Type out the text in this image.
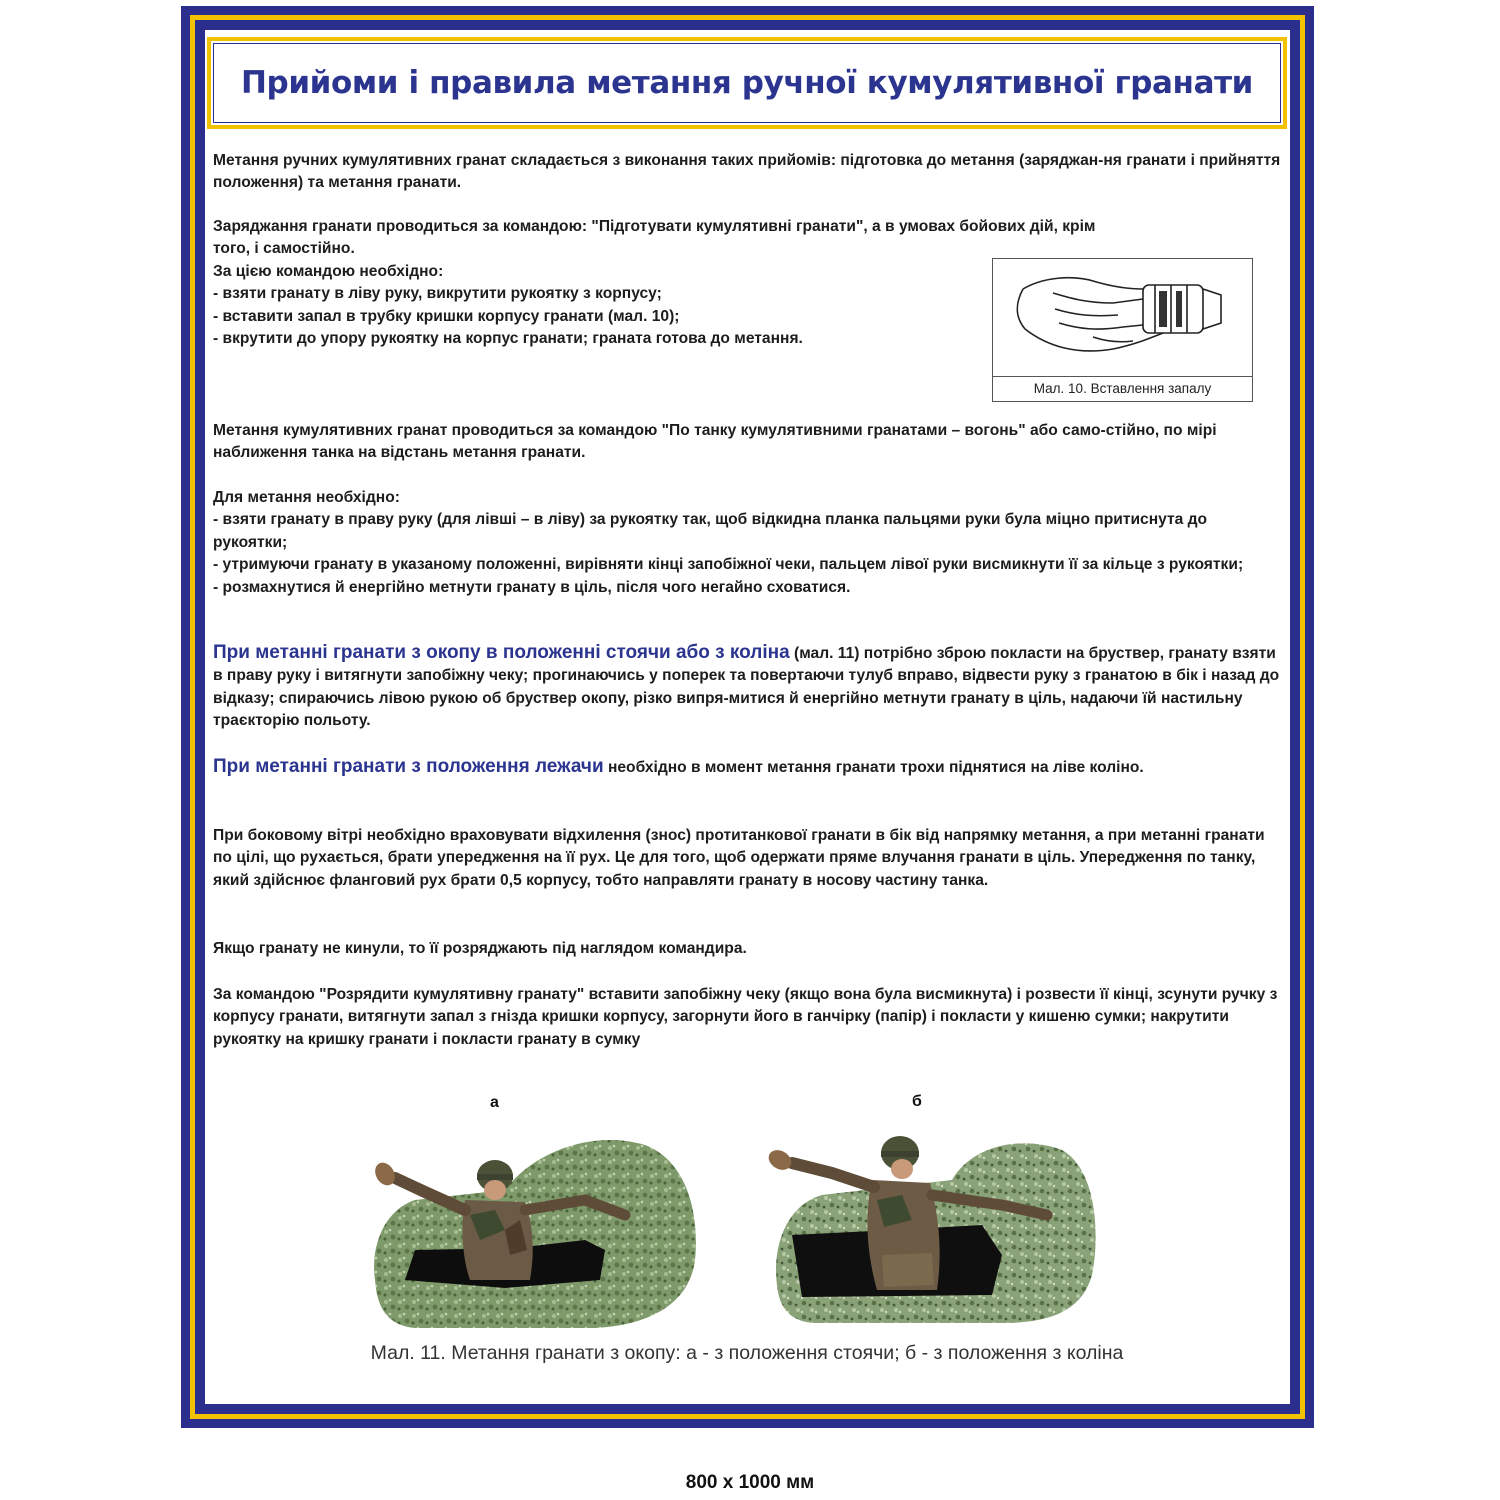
Прийоми і правила метання ручної кумулятивної гранати

Метання ручних кумулятивних гранат складається з виконання таких прийомів: підготовка до метання (заряджан-ня гранати і прийняття положення) та метання гранати.

Заряджання гранати проводиться за командою: "Підготувати кумулятивні гранати", а в умовах бойових дій, крім

того, і самостійно.

За цією командою необхідно:

- взяти гранату в ліву руку, викрутити рукоятку з корпусу;

- вставити запал в трубку кришки корпусу гранати (мал. 10);

- вкрутити до упору рукоятку на корпус гранати; граната готова до метання.

Мал. 10. Вставлення запалу

Метання кумулятивних гранат проводиться за командою "По танку кумулятивними гранатами – вогонь" або само-стійно, по мірі наближення танка на відстань метання гранати.

Для метання необхідно:

- взяти гранату в праву руку (для лівші – в ліву) за рукоятку так, щоб відкидна планка пальцями руки була міцно притиснута до рукоятки;

- утримуючи гранату в указаному положенні, вирівняти кінці запобіжної чеки, пальцем лівої руки висмикнути її за кільце з рукоятки;

- розмахнутися й енергійно метнути гранату в ціль, після чого негайно сховатися.

При метанні гранати з окопу в положенні стоячи або з коліна (мал. 11) потрібно зброю покласти на бруствер, гранату взяти в праву руку і витягнути запобіжну чеку; прогинаючись у поперек та повертаючи тулуб вправо, відвести руку з гранатою в бік і назад до відказу; спираючись лівою рукою об бруствер окопу, різко випря-митися й енергійно метнути гранату в ціль, надаючи їй настильну траєкторію польоту.

При метанні гранати з положення лежачи необхідно в момент метання гранати трохи піднятися на ліве коліно.

При боковому вітрі необхідно враховувати відхилення (знос) протитанкової гранати в бік від напрямку метання, а при метанні гранати по цілі, що рухається, брати упередження на її рух. Це для того, щоб одержати пряме влучання гранати в ціль. Упередження по танку, який здійснює фланговий рух брати 0,5 корпусу, тобто направляти гранату в носову частину танка.

Якщо гранату не кинули, то її розряджають під наглядом командира.

За командою "Розрядити кумулятивну гранату" вставити запобіжну чеку (якщо вона була висмикнута) і розвести її кінці, зсунути ручку з корпусу гранати, витягнути запал з гнізда кришки корпусу, загорнути його в ганчірку (папір) і покласти у кишеню сумки; накрутити рукоятку на кришку гранати і покласти гранату в сумку

а	б
Мал. 11. Метання гранати з окопу: а - з положення стоячи; б - з положення з коліна
800 х 1000 мм
